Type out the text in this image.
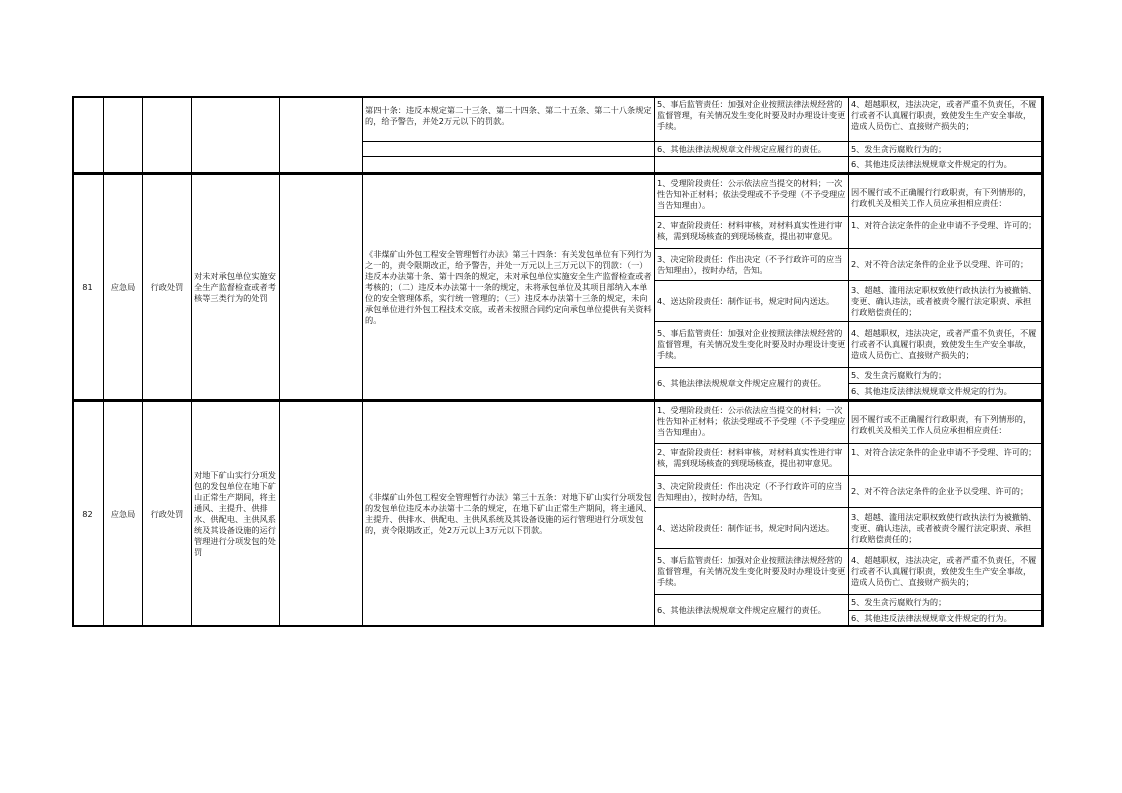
第四十条：违反本规定第二十三条、第二十四条、第二十五条、第二十八条规定的，给予警告，并处2万元以下的罚款。
5、事后监管责任：加强对企业按照法律法规经营的监督管理，有关情况发生变化时要及时办理设计变更手续。
6、其他法律法规规章文件规定应履行的责任。
4、超越职权，违法决定，或者严重不负责任，不履行或者不认真履行职责，致使发生生产安全事故，造成人员伤亡、直接财产损失的；
5、发生贪污腐败行为的；
6、其他违反法律法规规章文件规定的行为。
81 应急局 行政处罚
对未对承包单位实施安全生产监督检查或者考核等三类行为的处罚
《非煤矿山外包工程安全管理暂行办法》第三十四条：有关发包单位有下列行为之一的，责令限期改正，给予警告，并处一万元以上三万元以下的罚款：（一）违反本办法第十条、第十四条的规定，未对承包单位实施安全生产监督检查或者考核的；（二）违反本办法第十一条的规定，未将承包单位及其项目部纳入本单位的安全管理体系，实行统一管理的；（三）违反本办法第十三条的规定，未向承包单位进行外包工程技术交底，或者未按照合同约定向承包单位提供有关资料的。
1、受理阶段责任：公示依法应当提交的材料；一次性告知补正材料；依法受理或不予受理（不予受理应当告知理由）。
2、审查阶段责任：材料审核，对材料真实性进行审核，需到现场核查的到现场核查，提出初审意见。
3、决定阶段责任：作出决定（不予行政许可的应当告知理由），按时办结，告知。
4、送达阶段责任：制作证书，规定时间内送达。
5、事后监管责任：加强对企业按照法律法规经营的监督管理，有关情况发生变化时要及时办理设计变更手续。
6、其他法律法规规章文件规定应履行的责任。
因不履行或不正确履行行政职责，有下列情形的，行政机关及相关工作人员应承担相应责任：
1、对符合法定条件的企业申请不予受理、许可的；
2、对不符合法定条件的企业予以受理、许可的；
3、超越、滥用法定职权致使行政执法行为被撤销、变更、确认违法，或者被责令履行法定职责、承担行政赔偿责任的；
4、超越职权，违法决定，或者严重不负责任，不履行或者不认真履行职责，致使发生生产安全事故，造成人员伤亡、直接财产损失的；
5、发生贪污腐败行为的；
6、其他违反法律法规规章文件规定的行为。
82 应急局 行政处罚
对地下矿山实行分项发包的发包单位在地下矿山正常生产期间，将主通风、主提升、供排水、供配电、主供风系统及其设备设施的运行管理进行分项发包的处罚
《非煤矿山外包工程安全管理暂行办法》第三十五条：对地下矿山实行分项发包的发包单位违反本办法第十二条的规定，在地下矿山正常生产期间，将主通风、主提升、供排水、供配电、主供风系统及其设备设施的运行管理进行分项发包的，责令限期改正，处2万元以上3万元以下罚款。
1、受理阶段责任：公示依法应当提交的材料；一次性告知补正材料；依法受理或不予受理（不予受理应当告知理由）。
2、审查阶段责任：材料审核，对材料真实性进行审核，需到现场核查的到现场核查，提出初审意见。
3、决定阶段责任：作出决定（不予行政许可的应当告知理由），按时办结，告知。
4、送达阶段责任：制作证书，规定时间内送达。
5、事后监管责任：加强对企业按照法律法规经营的监督管理，有关情况发生变化时要及时办理设计变更手续。
6、其他法律法规规章文件规定应履行的责任。
因不履行或不正确履行行政职责，有下列情形的，行政机关及相关工作人员应承担相应责任：
1、对符合法定条件的企业申请不予受理、许可的；
2、对不符合法定条件的企业予以受理、许可的；
3、超越、滥用法定职权致使行政执法行为被撤销、变更、确认违法，或者被责令履行法定职责、承担行政赔偿责任的；
4、超越职权，违法决定，或者严重不负责任，不履行或者不认真履行职责，致使发生生产安全事故，造成人员伤亡、直接财产损失的；
5、发生贪污腐败行为的；
6、其他违反法律法规规章文件规定的行为。
